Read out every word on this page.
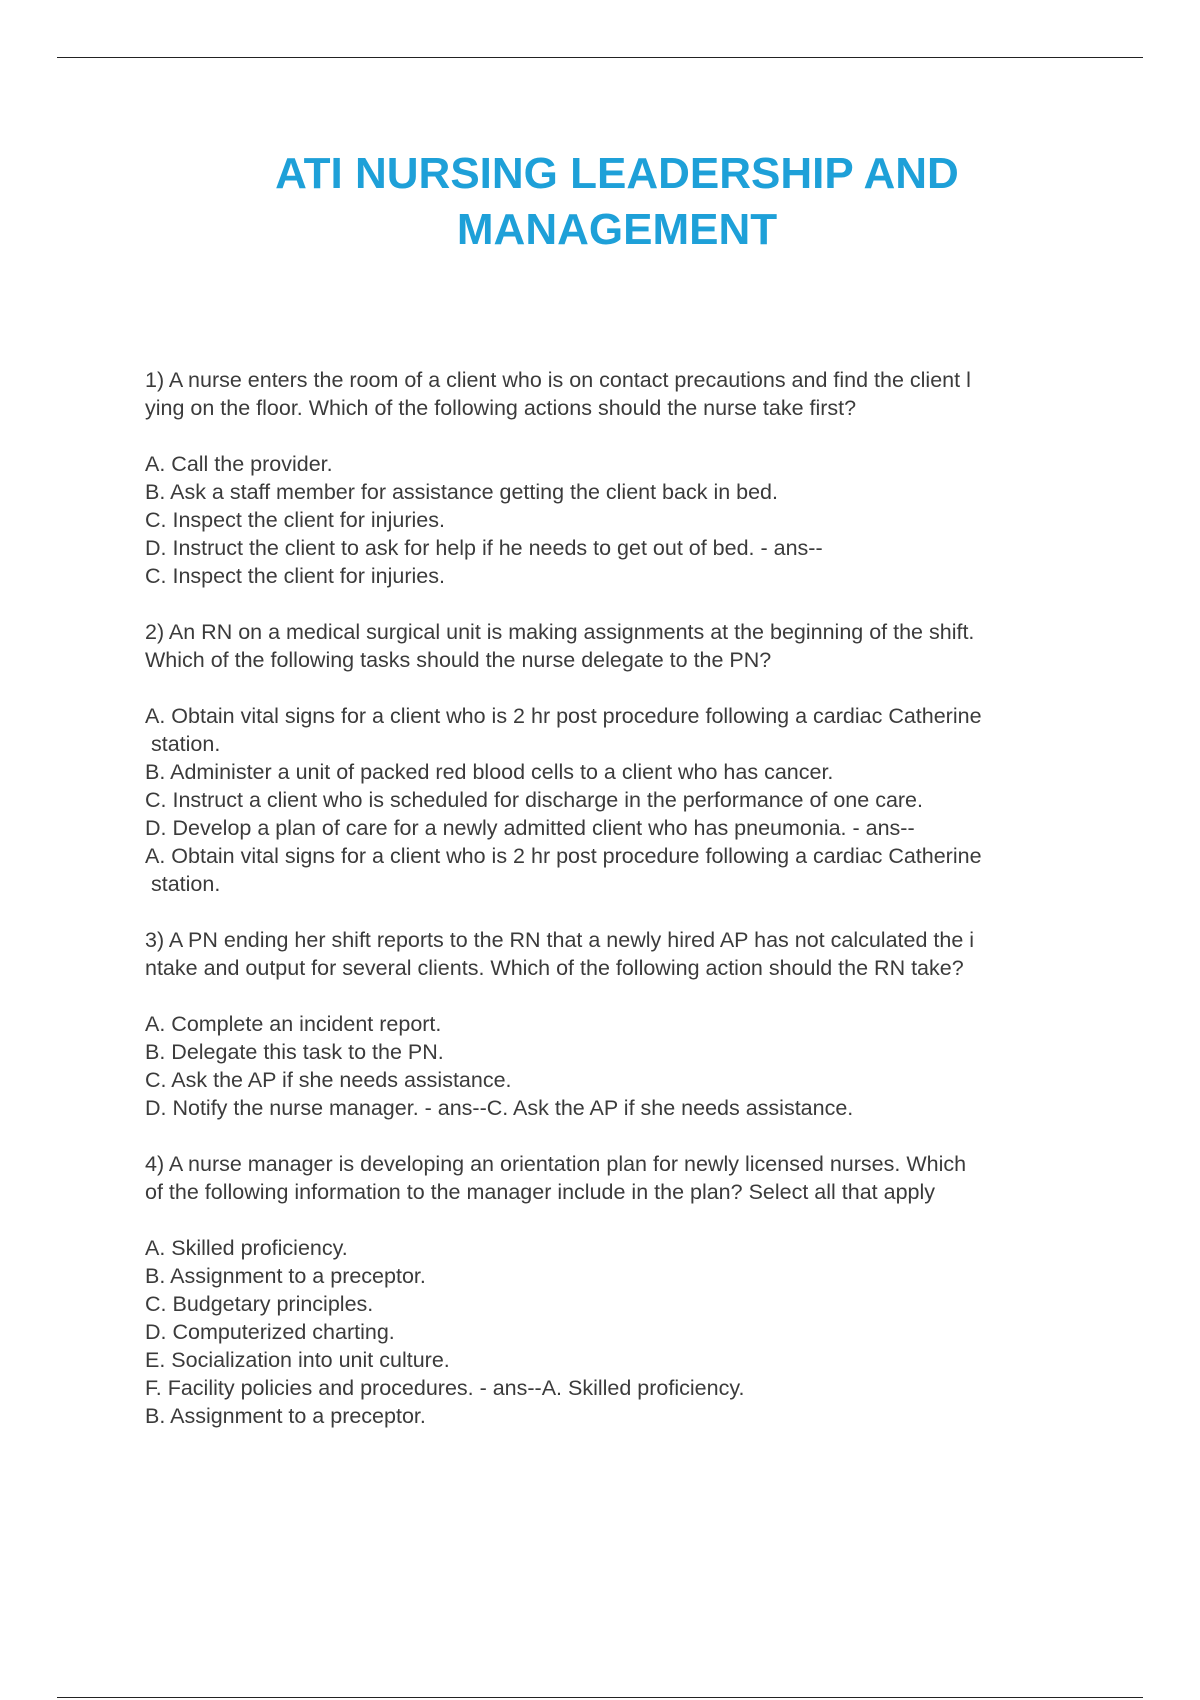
ATI NURSING LEADERSHIP AND
MANAGEMENT
1) A nurse enters the room of a client who is on contact precautions and find the client l
ying on the floor. Which of the following actions should the nurse take first?
A. Call the provider.
B. Ask a staff member for assistance getting the client back in bed.
C. Inspect the client for injuries.
D. Instruct the client to ask for help if he needs to get out of bed. - ans--
C. Inspect the client for injuries.
2) An RN on a medical surgical unit is making assignments at the beginning of the shift.
Which of the following tasks should the nurse delegate to the PN?
A. Obtain vital signs for a client who is 2 hr post procedure following a cardiac Catherine
station.
B. Administer a unit of packed red blood cells to a client who has cancer.
C. Instruct a client who is scheduled for discharge in the performance of one care.
D. Develop a plan of care for a newly admitted client who has pneumonia. - ans--
A. Obtain vital signs for a client who is 2 hr post procedure following a cardiac Catherine
station.
3) A PN ending her shift reports to the RN that a newly hired AP has not calculated the i
ntake and output for several clients. Which of the following action should the RN take?
A. Complete an incident report.
B. Delegate this task to the PN.
C. Ask the AP if she needs assistance.
D. Notify the nurse manager. - ans--C. Ask the AP if she needs assistance.
4) A nurse manager is developing an orientation plan for newly licensed nurses. Which
of the following information to the manager include in the plan? Select all that apply
A. Skilled proficiency.
B. Assignment to a preceptor.
C. Budgetary principles.
D. Computerized charting.
E. Socialization into unit culture.
F. Facility policies and procedures. - ans--A. Skilled proficiency.
B. Assignment to a preceptor.
